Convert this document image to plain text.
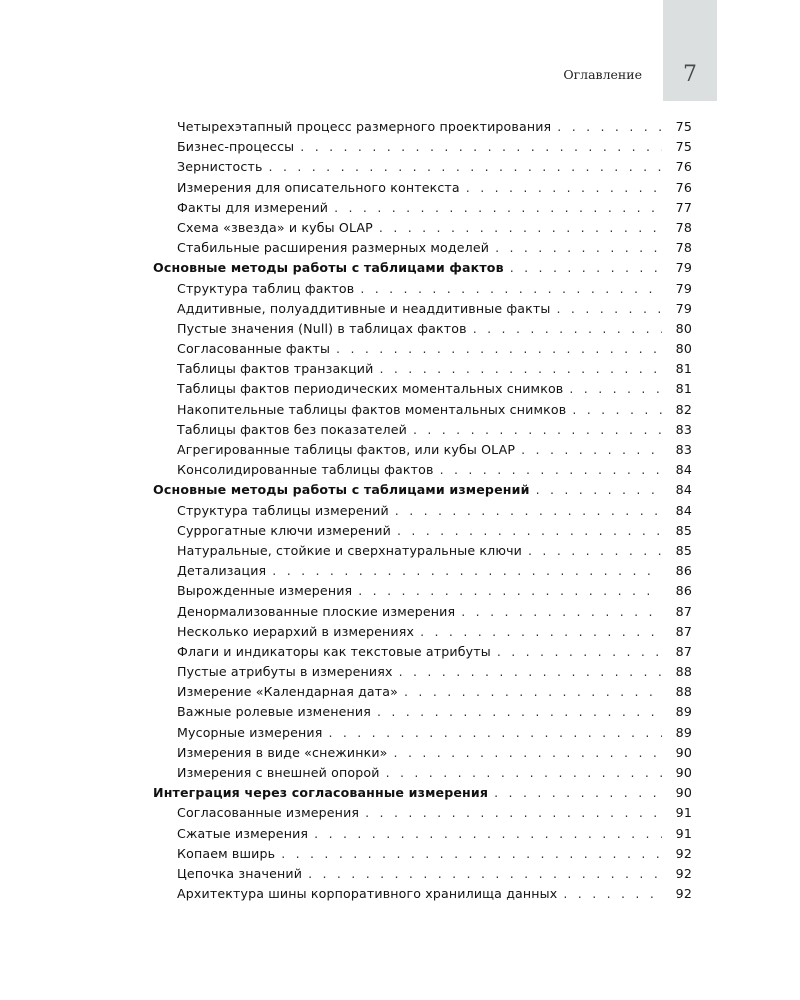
7
Оглавление
Четырехэтапный процесс размерного проектирования . . .	75
Бизнес-процессы . . .	75
Зернистость . . .	76
Измерения для описательного контекста . . .	76
Факты для измерений . . .	77
Схема «звезда» и кубы OLAP . . .	78
Стабильные расширения размерных моделей . . .	78
Основные методы работы с таблицами фактов . . .	79
Структура таблиц фактов . . .	79
Аддитивные, полуаддитивные и неаддитивные факты . . .	79
Пустые значения (Null) в таблицах фактов . . .	80
Согласованные факты . . .	80
Таблицы фактов транзакций . . .	81
Таблицы фактов периодических моментальных снимков . . .	81
Накопительные таблицы фактов моментальных снимков . . .	82
Таблицы фактов без показателей . . .	83
Агрегированные таблицы фактов, или кубы OLAP . . .	83
Консолидированные таблицы фактов . . .	84
Основные методы работы с таблицами измерений . . .	84
Структура таблицы измерений . . .	84
Суррогатные ключи измерений . . .	85
Натуральные, стойкие и сверхнатуральные ключи . . .	85
Детализация . . .	86
Вырожденные измерения . . .	86
Денормализованные плоские измерения . . .	87
Несколько иерархий в измерениях . . .	87
Флаги и индикаторы как текстовые атрибуты . . .	87
Пустые атрибуты в измерениях . . .	88
Измерение «Календарная дата» . . .	88
Важные ролевые изменения . . .	89
Мусорные измерения . . .	89
Измерения в виде «снежинки» . . .	90
Измерения с внешней опорой . . .	90
Интеграция через согласованные измерения . . .	90
Согласованные измерения . . .	91
Сжатые измерения . . .	91
Копаем вширь . . .	92
Цепочка значений . . .	92
Архитектура шины корпоративного хранилища данных . . .	92
